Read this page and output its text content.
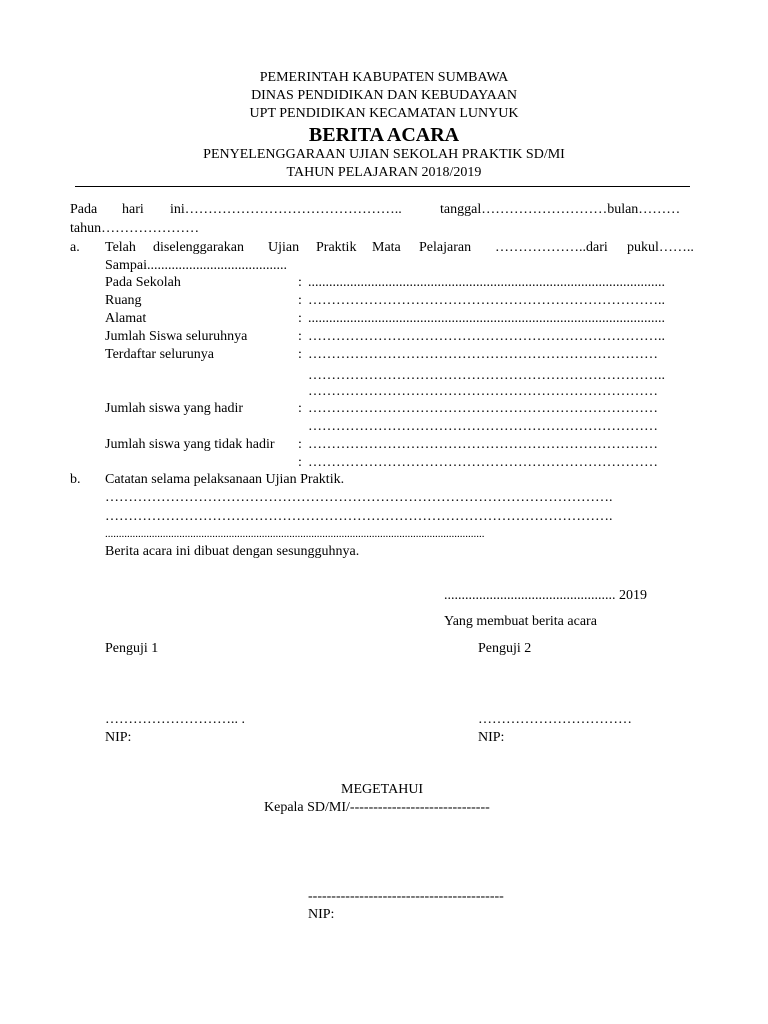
PEMERINTAH KABUPATEN SUMBAWA
DINAS PENDIDIKAN DAN KEBUDAYAAN
UPT PENDIDIKAN KECAMATAN LUNYUK
BERITA ACARA
PENYELENGGARAAN UJIAN SEKOLAH PRAKTIK SD/MI
TAHUN PELAJARAN 2018/2019
Pada hari ini………………………………………..	tanggal………………………bulan………
tahun…………………
a. Telah diselenggarakan Ujian Praktik Mata Pelajaran ………………..dari pukul……..
Sampai........................................
Pada Sekolah	: ......................................................................................................
Ruang	: …………………………………………………………………..
Alamat	: ......................................................................................................
Jumlah Siswa seluruhnya	: …………………………………………………………………..
Terdaftar selurunya	: …………………………………………………………………
…………………………………………………………………..
…………………………………………………………………
Jumlah siswa yang hadir	: …………………………………………………………………
…………………………………………………………………
Jumlah siswa yang tidak hadir : …………………………………………………………………
: …………………………………………………………………
b. Catatan selama pelaksanaan Ujian Praktik.
……………………………………………………………………………………………….
……………………………………………………………………………………………….
..........................................................................................................................................
Berita acara ini dibuat dengan sesungguhnya.
................................................. 2019
Yang membuat berita acara
Penguji 1	Penguji 2
……………………….. .	……………………………
NIP:	NIP:
MEGETAHUI
Kepala SD/MI/------------------------------
------------------------------------------
NIP:
